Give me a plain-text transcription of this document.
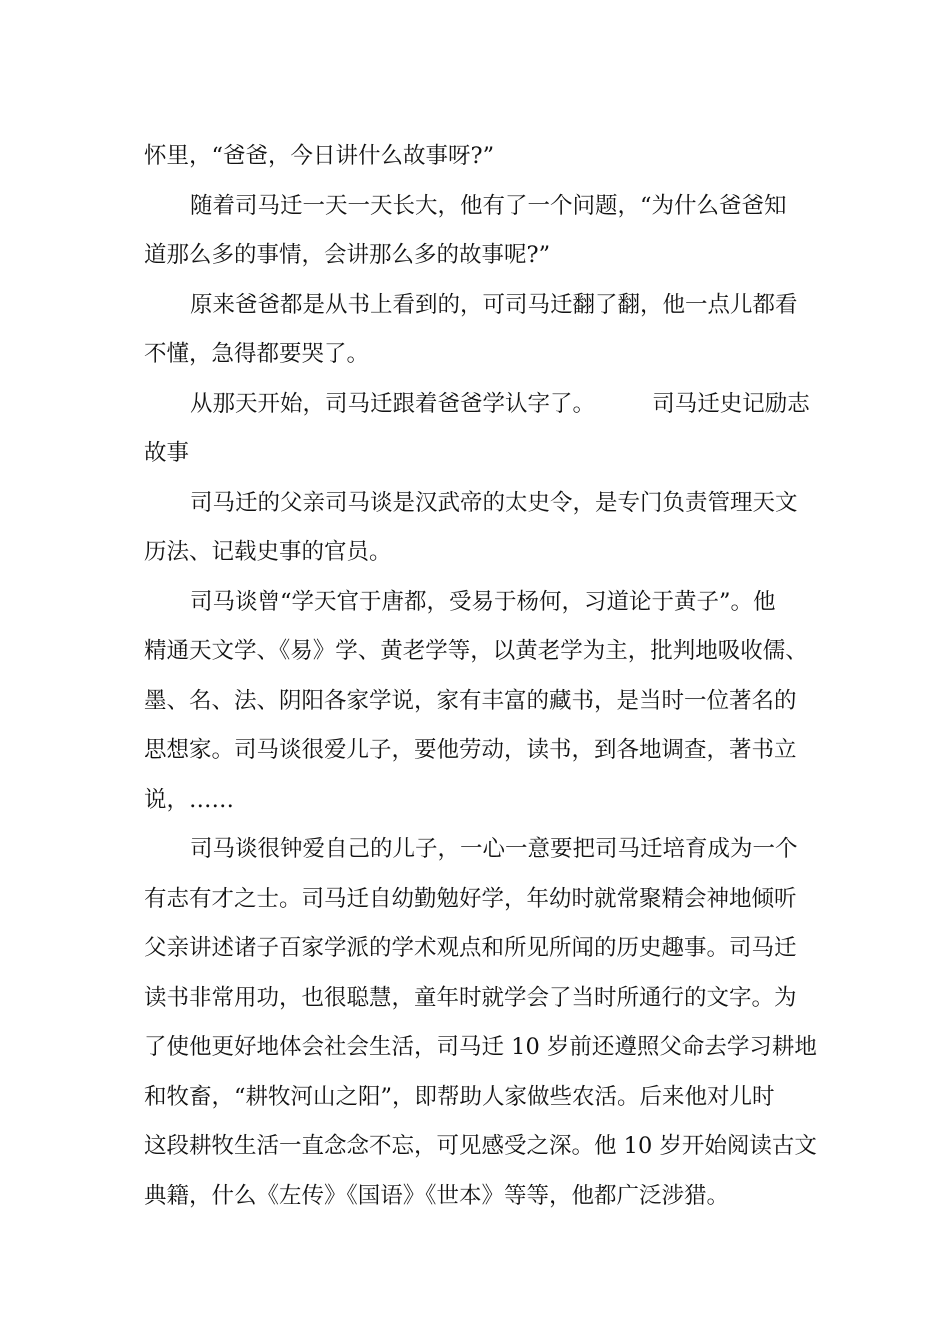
怀里，“爸爸，今日讲什么故事呀?”
随着司马迁一天一天长大，他有了一个问题，“为什么爸爸知
道那么多的事情，会讲那么多的故事呢?”
原来爸爸都是从书上看到的，可司马迁翻了翻，他一点儿都看
不懂，急得都要哭了。
从那天开始，司马迁跟着爸爸学认字了。        司马迁史记励志
故事
司马迁的父亲司马谈是汉武帝的太史令，是专门负责管理天文
历法、记载史事的官员。
司马谈曾“学天官于唐都，受易于杨何，习道论于黄子”。他
精通天文学、《易》学、黄老学等，以黄老学为主，批判地吸收儒、
墨、名、法、阴阳各家学说，家有丰富的藏书，是当时一位著名的
思想家。司马谈很爱儿子，要他劳动，读书，到各地调查，著书立
说，……
司马谈很钟爱自己的儿子，一心一意要把司马迁培育成为一个
有志有才之士。司马迁自幼勤勉好学，年幼时就常聚精会神地倾听
父亲讲述诸子百家学派的学术观点和所见所闻的历史趣事。司马迁
读书非常用功，也很聪慧，童年时就学会了当时所通行的文字。为
了使他更好地体会社会生活，司马迁 10 岁前还遵照父命去学习耕地
和牧畜，“耕牧河山之阳”，即帮助人家做些农活。后来他对儿时
这段耕牧生活一直念念不忘，可见感受之深。他 10 岁开始阅读古文
典籍，什么《左传》《国语》《世本》等等，他都广泛涉猎。
